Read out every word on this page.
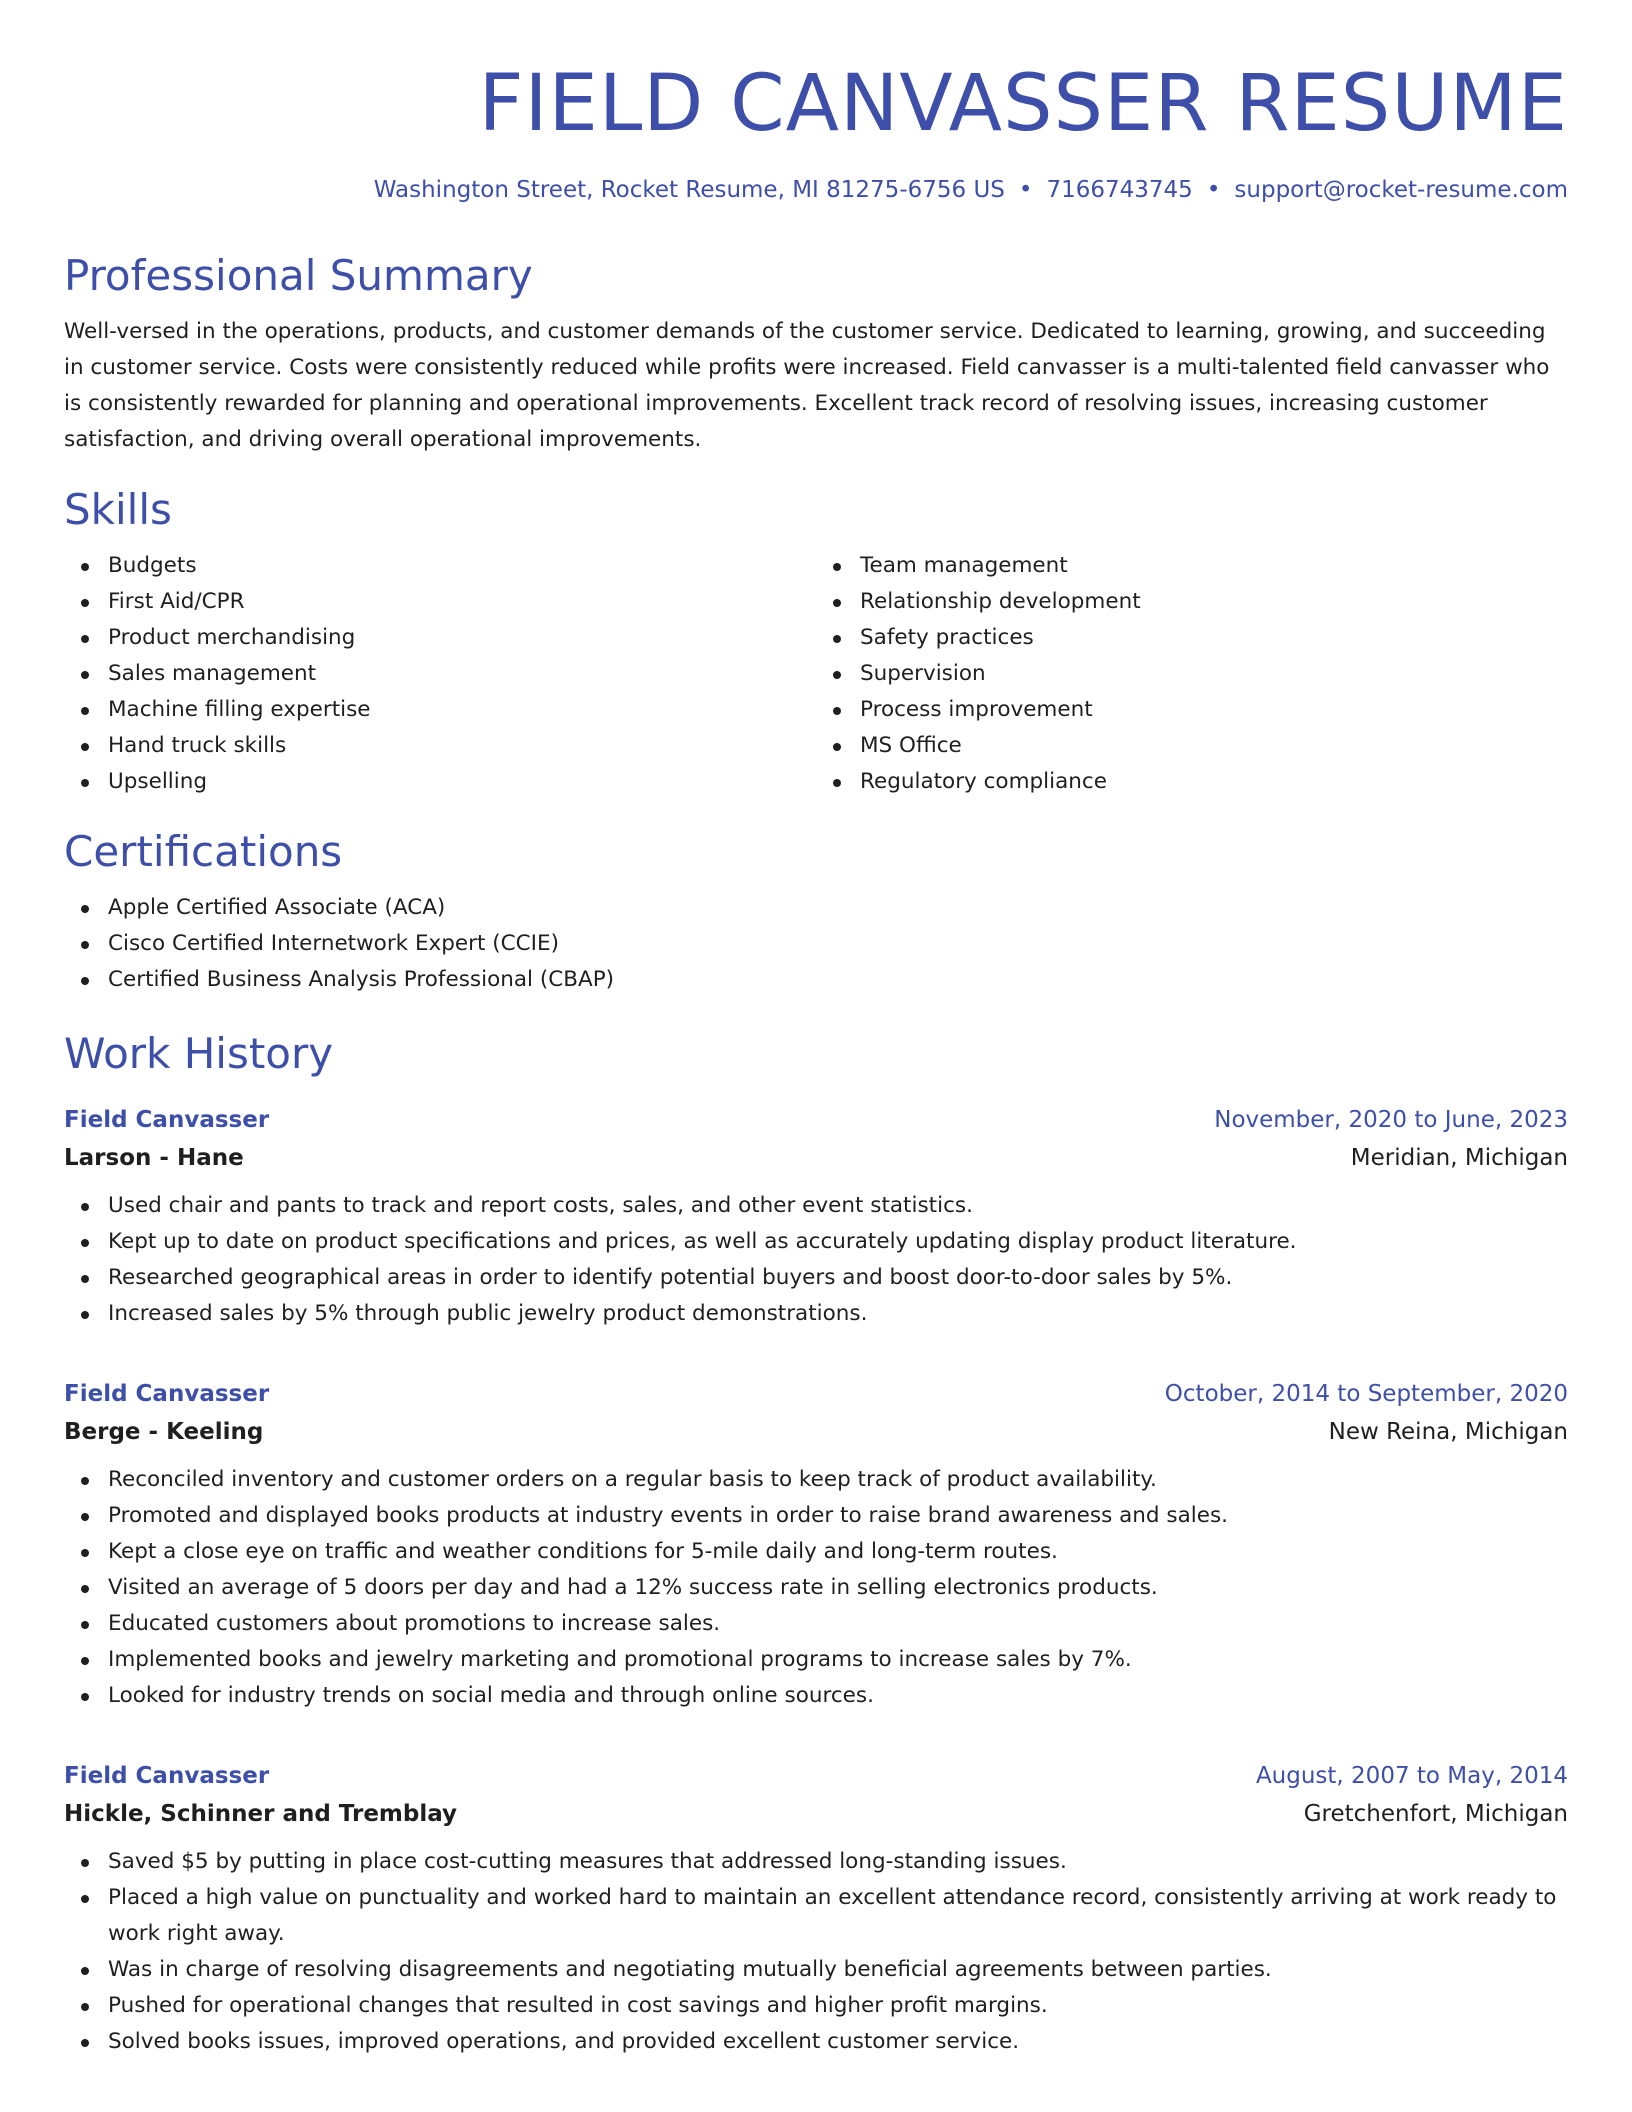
FIELD CANVASSER RESUME
Washington Street, Rocket Resume, MI 81275-6756 US • 7166743745 • support@rocket-resume.com
Professional Summary

Well-versed in the operations, products, and customer demands of the customer service. Dedicated to learning, growing, and succeeding in customer service. Costs were consistently reduced while profits were increased. Field canvasser is a multi-talented field canvasser who is consistently rewarded for planning and operational improvements. Excellent track record of resolving issues, increasing customer satisfaction, and driving overall operational improvements.

Skills
Budgets
First Aid/CPR
Product merchandising
Sales management
Machine filling expertise
Hand truck skills
Upselling
Team management
Relationship development
Safety practices
Supervision
Process improvement
MS Office
Regulatory compliance
Certifications
Apple Certified Associate (ACA)
Cisco Certified Internetwork Expert (CCIE)
Certified Business Analysis Professional (CBAP)
Work History
Field Canvasser	November, 2020 to June, 2023
Larson - Hane	Meridian, Michigan
Used chair and pants to track and report costs, sales, and other event statistics.
Kept up to date on product specifications and prices, as well as accurately updating display product literature.
Researched geographical areas in order to identify potential buyers and boost door-to-door sales by 5%.
Increased sales by 5% through public jewelry product demonstrations.
Field Canvasser	October, 2014 to September, 2020
Berge - Keeling	New Reina, Michigan
Reconciled inventory and customer orders on a regular basis to keep track of product availability.
Promoted and displayed books products at industry events in order to raise brand awareness and sales.
Kept a close eye on traffic and weather conditions for 5-mile daily and long-term routes.
Visited an average of 5 doors per day and had a 12% success rate in selling electronics products.
Educated customers about promotions to increase sales.
Implemented books and jewelry marketing and promotional programs to increase sales by 7%.
Looked for industry trends on social media and through online sources.
Field Canvasser	August, 2007 to May, 2014
Hickle, Schinner and Tremblay	Gretchenfort, Michigan
Saved $5 by putting in place cost-cutting measures that addressed long-standing issues.
Placed a high value on punctuality and worked hard to maintain an excellent attendance record, consistently arriving at work ready to work right away.
Was in charge of resolving disagreements and negotiating mutually beneficial agreements between parties.
Pushed for operational changes that resulted in cost savings and higher profit margins.
Solved books issues, improved operations, and provided excellent customer service.
